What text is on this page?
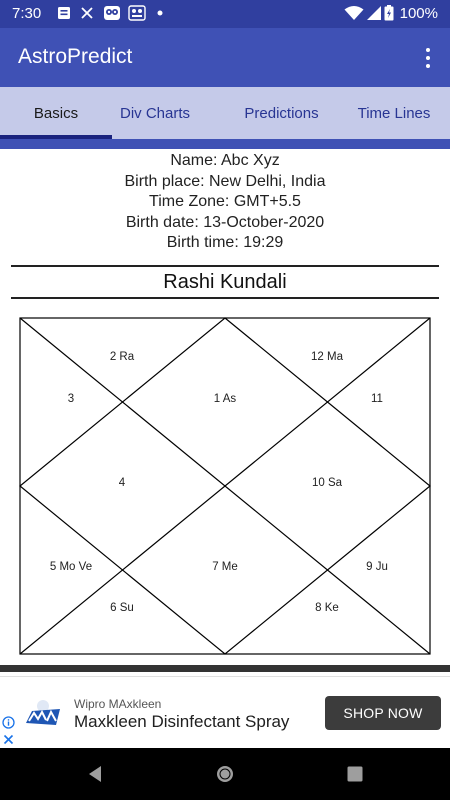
7:30	100%
AstroPredict
Basics	Div Charts	Predictions	Time Lines
Name: Abc Xyz
Birth place: New Delhi, India
Time Zone: GMT+5.5
Birth date: 13-October-2020
Birth time: 19:29
Rashi Kundali
2 Ra	12 Ma
3	1 As	11
4	10 Sa
5 Mo Ve	7 Me	9 Ju
6 Su	8 Ke
Wipro MAxkleen
Maxkleen Disinfectant Spray	SHOP NOW
